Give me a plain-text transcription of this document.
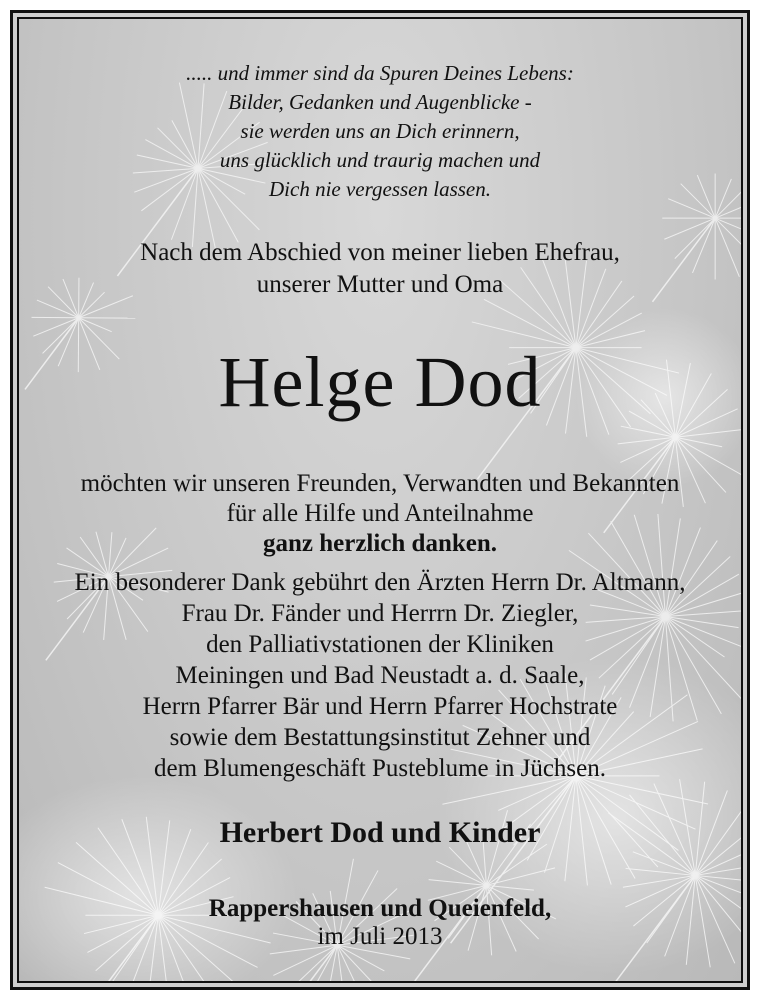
..... und immer sind da Spuren Deines Lebens:
Bilder, Gedanken und Augenblicke -
sie werden uns an Dich erinnern,
uns glücklich und traurig machen und
Dich nie vergessen lassen.
Nach dem Abschied von meiner lieben Ehefrau,
unserer Mutter und Oma
Helge Dod
möchten wir unseren Freunden, Verwandten und Bekannten
für alle Hilfe und Anteilnahme
ganz herzlich danken.
Ein besonderer Dank gebührt den Ärzten Herrn Dr. Altmann,
Frau Dr. Fänder und Herrrn Dr. Ziegler,
den Palliativstationen der Kliniken
Meiningen und Bad Neustadt a. d. Saale,
Herrn Pfarrer Bär und Herrn Pfarrer Hochstrate
sowie dem Bestattungsinstitut Zehner und
dem Blumengeschäft Pusteblume in Jüchsen.
Herbert Dod und Kinder
Rappershausen und Queienfeld,
im Juli 2013
